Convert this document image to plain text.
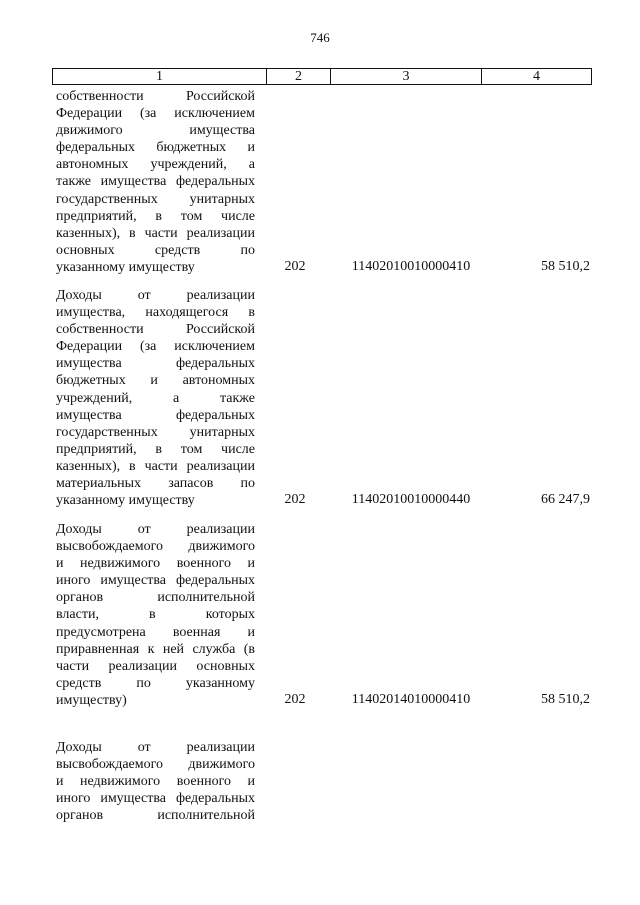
746
1	2	3	4
собственности Российской
Федерации (за исключением
движимого имущества
федеральных бюджетных и
автономных учреждений, а
также имущества федеральных
государственных унитарных
предприятий, в том числе
казенных), в части реализации
основных средств по
указанному имуществу	202	11402010010000410	58 510,2
Доходы от реализации
имущества, находящегося в
собственности Российской
Федерации (за исключением
имущества федеральных
бюджетных и автономных
учреждений, а также
имущества федеральных
государственных унитарных
предприятий, в том числе
казенных), в части реализации
материальных запасов по
указанному имуществу	202	11402010010000440	66 247,9
Доходы от реализации
высвобождаемого движимого
и недвижимого военного и
иного имущества федеральных
органов исполнительной
власти, в которых
предусмотрена военная и
приравненная к ней служба (в
части реализации основных
средств по указанному
имуществу)	202	11402014010000410	58 510,2
Доходы от реализации
высвобождаемого движимого
и недвижимого военного и
иного имущества федеральных
органов исполнительной
